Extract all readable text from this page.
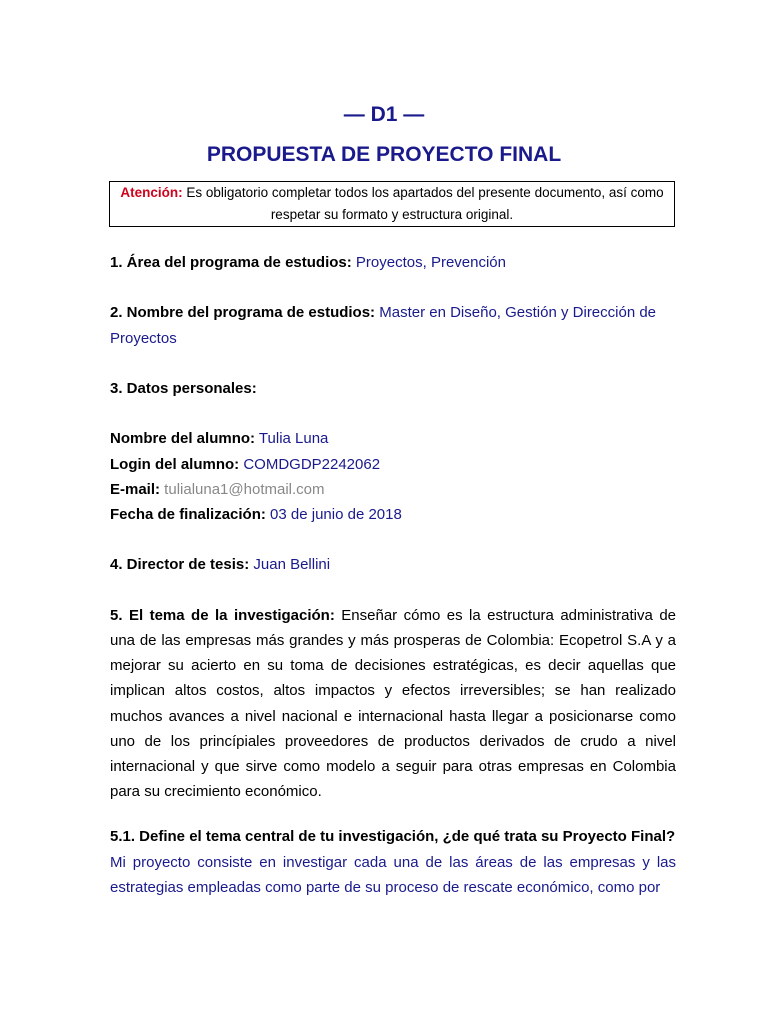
— D1 —
PROPUESTA DE PROYECTO FINAL
Atención: Es obligatorio completar todos los apartados del presente documento, así como respetar su formato y estructura original.

1. Área del programa de estudios: Proyectos, Prevención

2. Nombre del programa de estudios: Master en Diseño, Gestión y Dirección de Proyectos

3. Datos personales:

Nombre del alumno: Tulia Luna

Login del alumno: COMDGDP2242062

E-mail: tulialuna1@hotmail.com

Fecha de finalización: 03 de junio de 2018

4. Director de tesis: Juan Bellini

5. El tema de la investigación: Enseñar cómo es la estructura administrativa de una de las empresas más grandes y más prosperas de Colombia: Ecopetrol S.A y a mejorar su acierto en su toma de decisiones estratégicas, es decir aquellas que implican altos costos, altos impactos y efectos irreversibles; se han realizado muchos avances a nivel nacional e internacional hasta llegar a posicionarse como uno de los princípiales proveedores de productos derivados de crudo a nivel internacional y que sirve como modelo a seguir para otras empresas en Colombia para su crecimiento económico.

5.1. Define el tema central de tu investigación, ¿de qué trata su Proyecto Final?

Mi proyecto consiste en investigar cada una de las áreas de las empresas y las estrategias empleadas como parte de su proceso de rescate económico, como por
